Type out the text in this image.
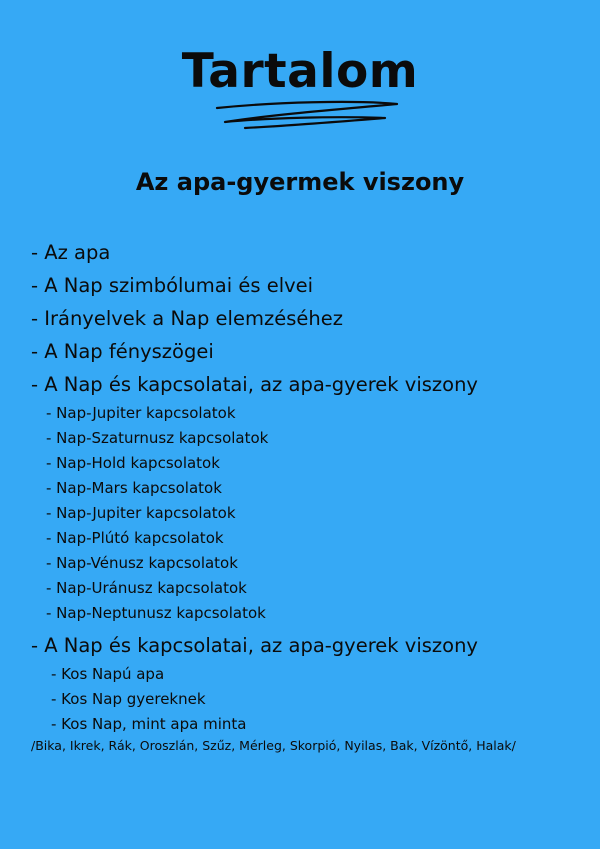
Tartalom
Az apa-gyermek viszony
- Az apa
- A Nap szimbólumai és elvei
- Irányelvek a Nap elemzéséhez
- A Nap fényszögei
- A Nap és kapcsolatai, az apa-gyerek viszony
- Nap-Jupiter kapcsolatok
- Nap-Szaturnusz kapcsolatok
- Nap-Hold kapcsolatok
- Nap-Mars kapcsolatok
- Nap-Jupiter kapcsolatok
- Nap-Plútó kapcsolatok
- Nap-Vénusz kapcsolatok
- Nap-Uránusz kapcsolatok
- Nap-Neptunusz kapcsolatok
- A Nap és kapcsolatai, az apa-gyerek viszony
- Kos Napú apa
- Kos Nap gyereknek
- Kos Nap, mint apa minta
/Bika, Ikrek, Rák, Oroszlán, Szűz, Mérleg, Skorpió, Nyilas, Bak, Vízöntő, Halak/
